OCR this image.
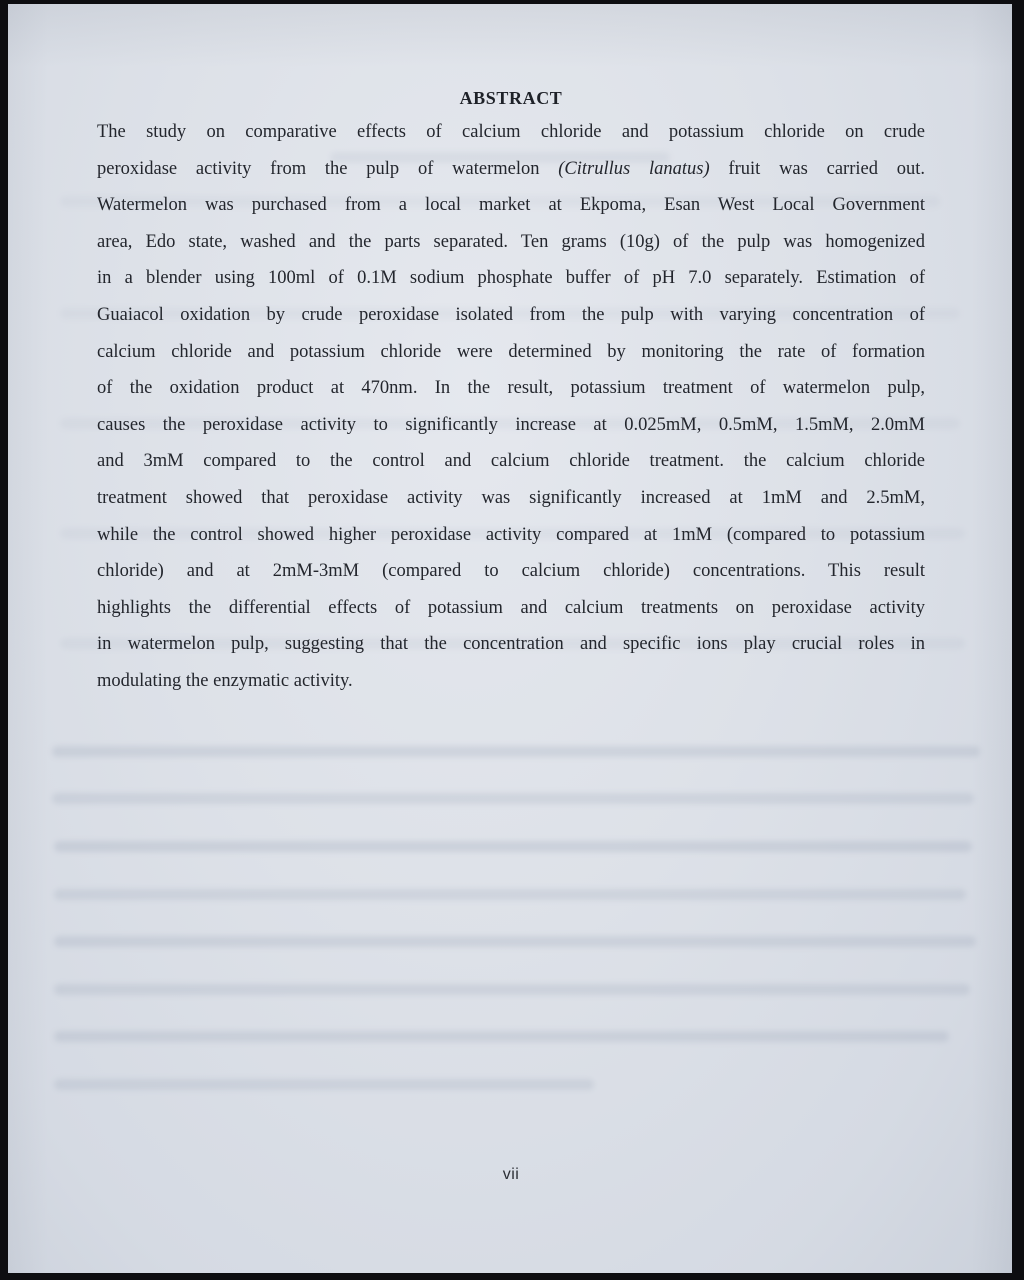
ABSTRACT
The study on comparative effects of calcium chloride and potassium chloride on crude
peroxidase activity from the pulp of watermelon (Citrullus lanatus) fruit was carried out.
Watermelon was purchased from a local market at Ekpoma, Esan West Local Government
area, Edo state, washed and the parts separated. Ten grams (10g) of the pulp was homogenized
in a blender using 100ml of 0.1M sodium phosphate buffer of pH 7.0 separately. Estimation of
Guaiacol oxidation by crude peroxidase isolated from the pulp with varying concentration of
calcium chloride and potassium chloride were determined by monitoring the rate of formation
of the oxidation product at 470nm. In the result, potassium treatment of watermelon pulp,
causes the peroxidase activity to significantly increase at 0.025mM, 0.5mM, 1.5mM, 2.0mM
and 3mM compared to the control and calcium chloride treatment. the calcium chloride
treatment showed that peroxidase activity was significantly increased at 1mM and 2.5mM,
while the control showed higher peroxidase activity compared at 1mM (compared to potassium
chloride) and at 2mM-3mM (compared to calcium chloride) concentrations. This result
highlights the differential effects of potassium and calcium treatments on peroxidase activity
in watermelon pulp, suggesting that the concentration and specific ions play crucial roles in
modulating the enzymatic activity.
vii
